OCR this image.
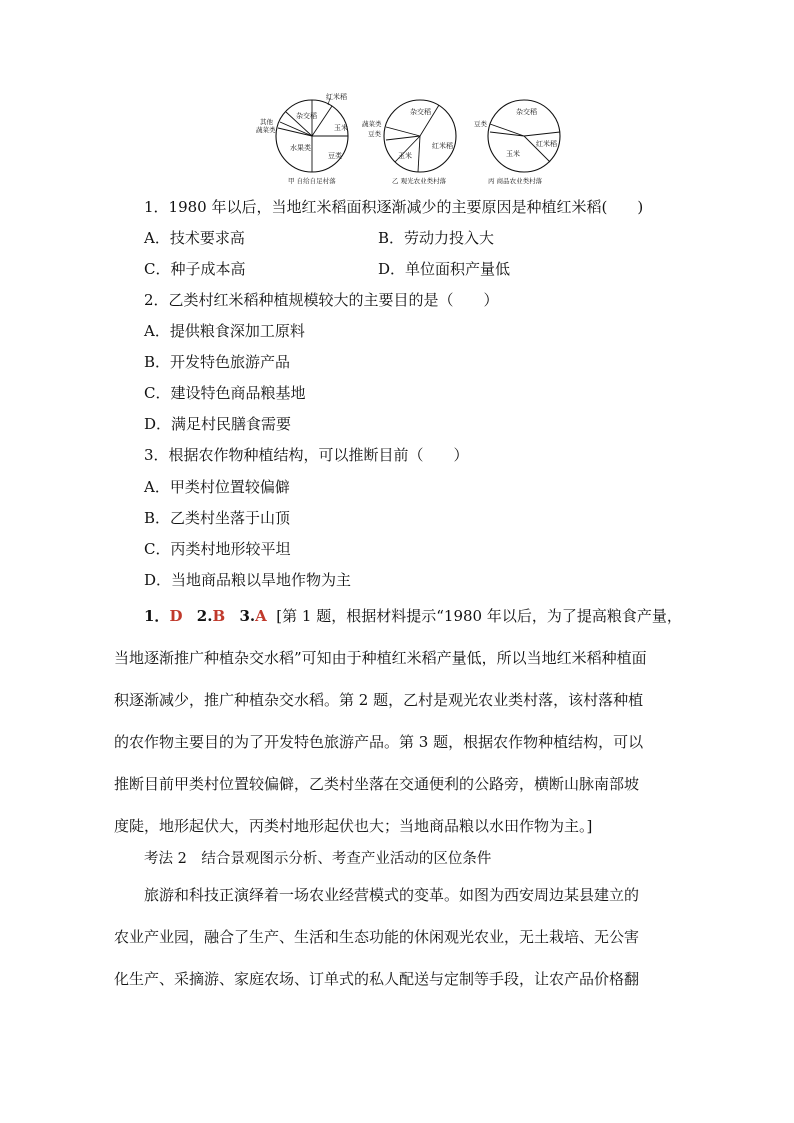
红米稻
杂交稻
玉米
豆类
水果类
其他
蔬菜类
甲 自给自足村落
杂交稻
蔬菜类
豆类
红米稻
玉米
乙 观光农业类村落
杂交稻
豆类
红米稻
玉米
丙 商品农业类村落
1．1980 年以后，当地红米稻面积逐渐减少的主要原因是种植红米稻(　　)
A．技术要求高	B．劳动力投入大
C．种子成本高	D．单位面积产量低
2．乙类村红米稻种植规模较大的主要目的是（　　）
A．提供粮食深加工原料
B．开发特色旅游产品
C．建设特色商品粮基地
D．满足村民膳食需要
3．根据农作物种植结构，可以推断目前（　　）
A．甲类村位置较偏僻
B．乙类村坐落于山顶
C．丙类村地形较平坦
D．当地商品粮以旱地作物为主
1．D 2.B 3.A [第 1 题，根据材料提示“1980 年以后，为了提高粮食产量，
当地逐渐推广种植杂交水稻”可知由于种植红米稻产量低，所以当地红米稻种植面
积逐渐减少，推广种植杂交水稻。第 2 题，乙村是观光农业类村落，该村落种植
的农作物主要目的为了开发特色旅游产品。第 3 题，根据农作物种植结构，可以
推断目前甲类村位置较偏僻，乙类村坐落在交通便利的公路旁，横断山脉南部坡
度陡，地形起伏大，丙类村地形起伏也大；当地商品粮以水田作物为主。]
考法 2　结合景观图示分析、考查产业活动的区位条件
旅游和科技正演绎着一场农业经营模式的变革。如图为西安周边某县建立的
农业产业园，融合了生产、生活和生态功能的休闲观光农业，无土栽培、无公害
化生产、采摘游、家庭农场、订单式的私人配送与定制等手段，让农产品价格翻
